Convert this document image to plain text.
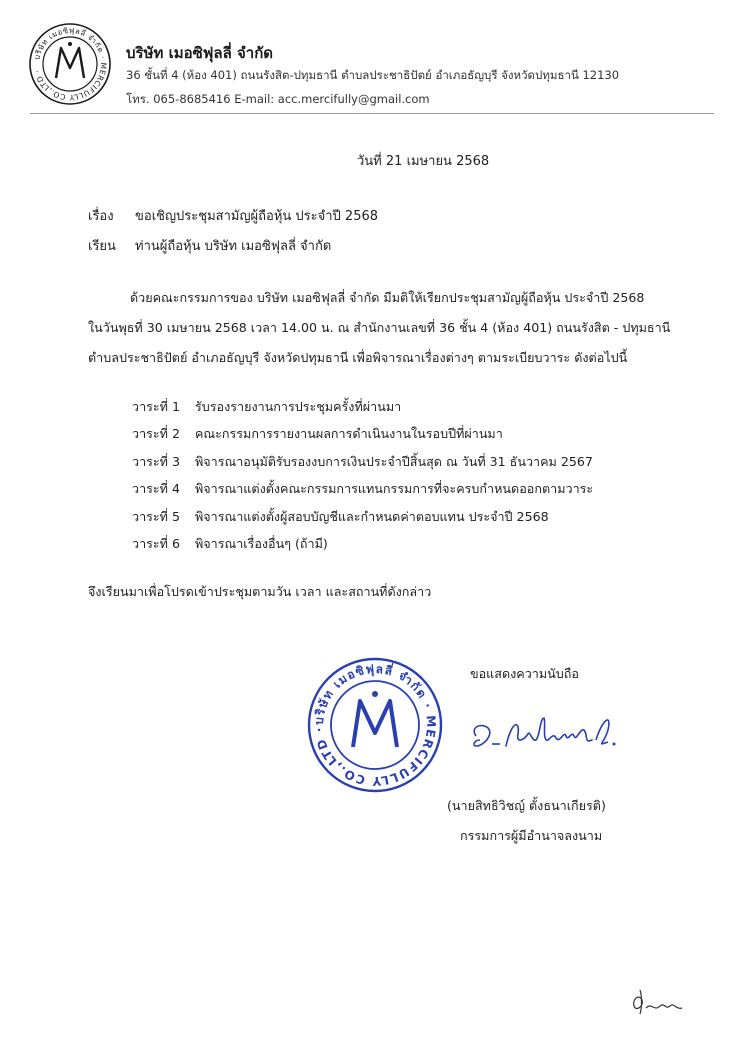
บริษัท เมอซิฟุลลี่ จำกัด · MERCIFULLY CO.,LTD ·
บริษัท เมอซิฟุลลี่ จำกัด
36 ชั้นที่ 4 (ห้อง 401) ถนนรังสิต-ปทุมธานี ตำบลประชาธิปัตย์ อำเภอธัญบุรี จังหวัดปทุมธานี 12130
โทร. 065-8685416 E-mail: acc.mercifully@gmail.com
วันที่ 21 เมษายน 2568
เรื่อง ขอเชิญประชุมสามัญผู้ถือหุ้น ประจำปี 2568
เรียน ท่านผู้ถือหุ้น บริษัท เมอซิฟุลลี่ จำกัด
ด้วยคณะกรรมการของ บริษัท เมอซิฟุลลี่ จำกัด มีมติให้เรียกประชุมสามัญผู้ถือหุ้น ประจำปี 2568
ในวันพุธที่ 30 เมษายน 2568 เวลา 14.00 น. ณ สำนักงานเลขที่ 36 ชั้น 4 (ห้อง 401) ถนนรังสิต - ปทุมธานี
ตำบลประชาธิปัตย์ อำเภอธัญบุรี จังหวัดปทุมธานี เพื่อพิจารณาเรื่องต่างๆ ตามระเบียบวาระ ดังต่อไปนี้
วาระที่ 1 รับรองรายงานการประชุมครั้งที่ผ่านมา
วาระที่ 2 คณะกรรมการรายงานผลการดำเนินงานในรอบปีที่ผ่านมา
วาระที่ 3 พิจารณาอนุมัติรับรองงบการเงินประจำปีสิ้นสุด ณ วันที่ 31 ธันวาคม 2567
วาระที่ 4 พิจารณาแต่งตั้งคณะกรรมการแทนกรรมการที่จะครบกำหนดออกตามวาระ
วาระที่ 5 พิจารณาแต่งตั้งผู้สอบบัญชีและกำหนดค่าตอบแทน ประจำปี 2568
วาระที่ 6 พิจารณาเรื่องอื่นๆ (ถ้ามี)
จึงเรียนมาเพื่อโปรดเข้าประชุมตามวัน เวลา และสถานที่ดังกล่าว
ขอแสดงความนับถือ
บริษัท เมอซิฟุลลี่ จำกัด · MERCIFULLY CO.,LTD ·
(นายสิทธิวิชญ์ ตั้งธนาเกียรติ)
กรรมการผู้มีอำนาจลงนาม
